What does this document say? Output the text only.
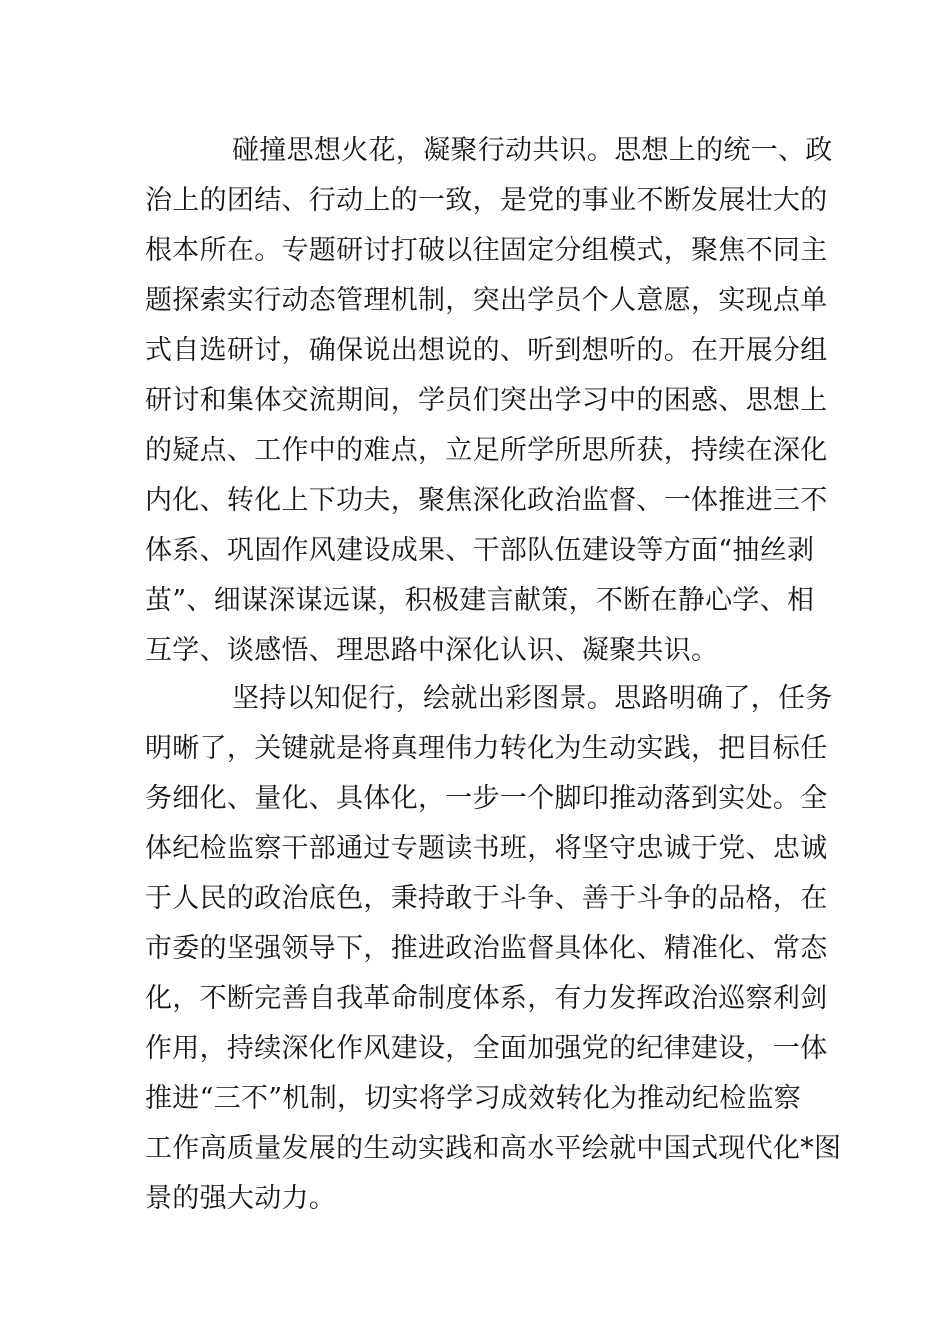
碰撞思想火花，凝聚行动共识。思想上的统一、政
治上的团结、行动上的一致，是党的事业不断发展壮大的
根本所在。专题研讨打破以往固定分组模式，聚焦不同主
题探索实行动态管理机制，突出学员个人意愿，实现点单
式自选研讨，确保说出想说的、听到想听的。在开展分组
研讨和集体交流期间，学员们突出学习中的困惑、思想上
的疑点、工作中的难点，立足所学所思所获，持续在深化
内化、转化上下功夫，聚焦深化政治监督、一体推进三不
体系、巩固作风建设成果、干部队伍建设等方面“抽丝剥
茧”、细谋深谋远谋，积极建言献策，不断在静心学、相
互学、谈感悟、理思路中深化认识、凝聚共识。
坚持以知促行，绘就出彩图景。思路明确了，任务
明晰了，关键就是将真理伟力转化为生动实践，把目标任
务细化、量化、具体化，一步一个脚印推动落到实处。全
体纪检监察干部通过专题读书班，将坚守忠诚于党、忠诚
于人民的政治底色，秉持敢于斗争、善于斗争的品格，在
市委的坚强领导下，推进政治监督具体化、精准化、常态
化，不断完善自我革命制度体系，有力发挥政治巡察利剑
作用，持续深化作风建设，全面加强党的纪律建设，一体
推进“三不”机制，切实将学习成效转化为推动纪检监察
工作高质量发展的生动实践和高水平绘就中国式现代化*图
景的强大动力。
